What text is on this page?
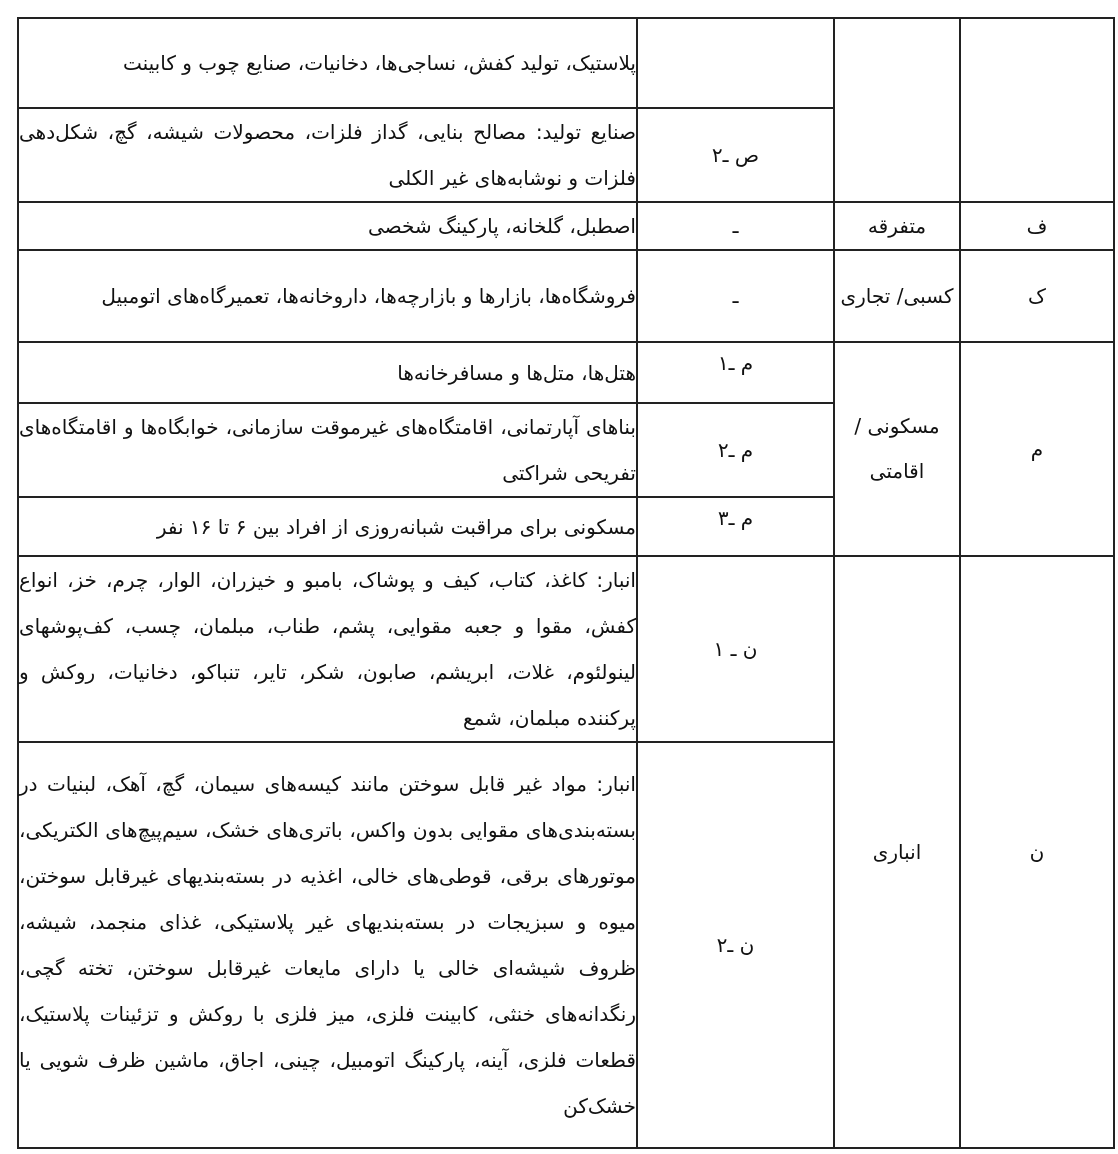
			پلاستیک، تولید کفش، نساجی‌ها، دخانیات، صنایع چوب و کابینت
		ص ـ۲	صنایع تولید: مصالح بنایی، گداز فلزات، محصولات شیشه، گچ، شکل‌دهی فلزات و نوشابه‌های غیر الکلی
ف	متفرقه	ـ	اصطبل، گلخانه، پارکینگ شخصی
ک	کسبی/ تجاری	ـ	فروشگاه‌ها، بازارها و بازارچه‌ها، داروخانه‌ها، تعمیرگاه‌های اتومبیل
م	مسکونی / اقامتی	م ـ۱	هتل‌ها، متل‌ها و مسافرخانه‌ها
		م ـ۲	بناهای آپارتمانی، اقامتگاه‌های غیرموقت سازمانی، خوابگاه‌ها و اقامتگاه‌های تفریحی شراکتی
		م ـ۳	مسکونی برای مراقبت شبانه‌روزی از افراد بین ۶ تا ۱۶ نفر
ن	انباری	ن ـ ۱	انبار: کاغذ، کتاب، کیف و پوشاک، بامبو و خیزران، الوار، چرم، خز، انواع کفش، مقوا و جعبه مقوایی، پشم، طناب، مبلمان، چسب، کف‌پوشهای لینولئوم، غلات، ابریشم، صابون، شکر، تایر، تنباکو، دخانیات، روکش و پرکننده مبلمان، شمع
		ن ـ۲	انبار: مواد غیر قابل سوختن مانند کیسه‌های سیمان، گچ، آهک، لبنیات در بسته‌بندی‌های مقوایی بدون واکس، باتری‌های خشک، سیم‌پیچ‌های الکتریکی، موتورهای برقی، قوطی‌های خالی، اغذیه در بسته‌بندیهای غیرقابل سوختن، میوه و سبزیجات در بسته‌بندیهای غیر پلاستیکی، غذای منجمد، شیشه، ظروف شیشه‌ای خالی یا دارای مایعات غیرقابل سوختن، تخته گچی، رنگدانه‌های خنثی، کابینت فلزی، میز فلزی با روکش و تزئینات پلاستیک، قطعات فلزی، آینه، پارکینگ اتومبیل، چینی، اجاق، ماشین ظرف شویی یا خشک‌کن
